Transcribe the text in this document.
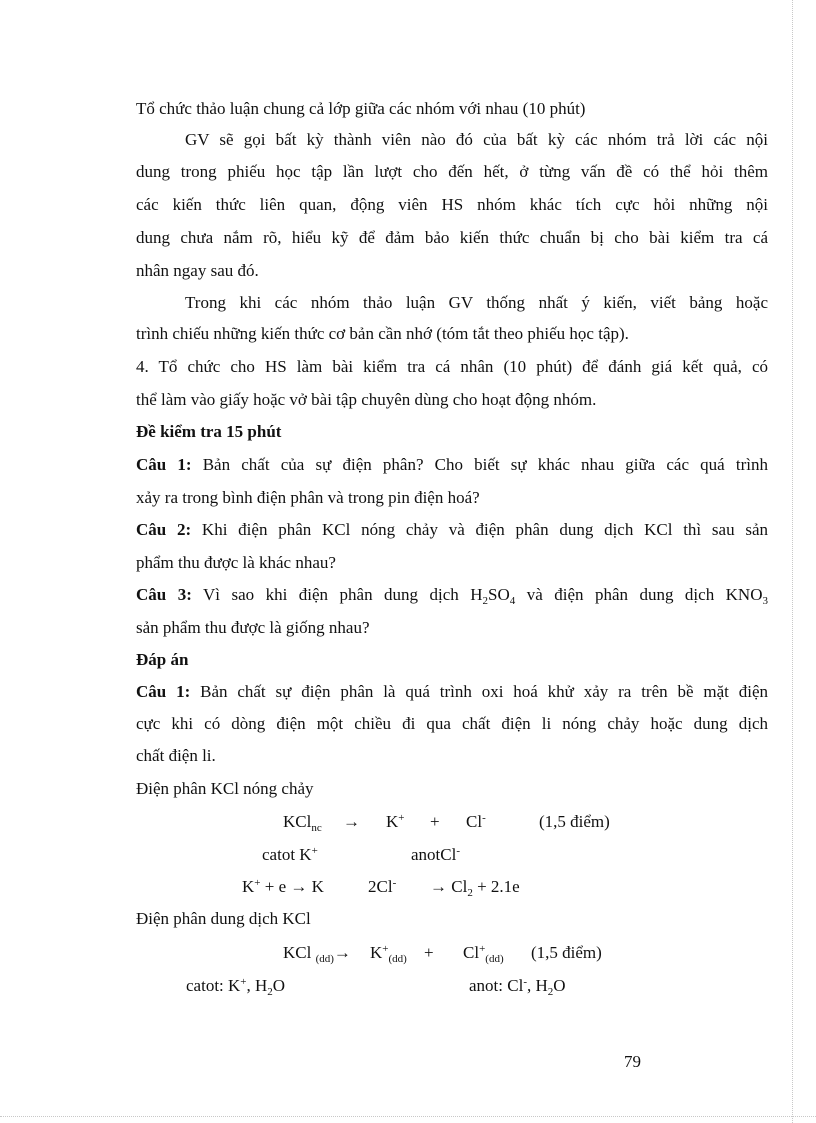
Tổ chức thảo luận chung cả lớp giữa các nhóm với nhau (10 phút)
GV sẽ gọi bất kỳ thành viên nào đó của bất kỳ các nhóm trả lời các nội
dung trong phiếu học tập lần lượt cho đến hết, ở từng vấn đề có thể hỏi thêm
các kiến thức liên quan, động viên HS nhóm khác tích cực hỏi những nội
dung chưa nắm rõ, hiểu kỹ để đảm bảo kiến thức chuẩn bị cho bài kiểm tra cá
nhân ngay sau đó.
Trong khi các nhóm thảo luận GV thống nhất ý kiến, viết bảng hoặc
trình chiếu những kiến thức cơ bản cần nhớ (tóm tắt theo phiếu học tập).
4. Tổ chức cho HS làm bài kiểm tra cá nhân (10 phút) để đánh giá kết quả, có
thể làm vào giấy hoặc vở bài tập chuyên dùng cho hoạt động nhóm.
Đề kiểm tra 15 phút
Câu 1: Bản chất của sự điện phân? Cho biết sự khác nhau giữa các quá trình
xảy ra trong bình điện phân và trong pin điện hoá?
Câu 2: Khi điện phân KCl nóng chảy và điện phân dung dịch KCl thì sau sản
phẩm thu được là khác nhau?
Câu 3: Vì sao khi điện phân dung dịch $H_2SO_4$ và điện phân dung dịch $KNO_3$
sản phẩm thu được là giống nhau?
Đáp án
Câu 1: Bản chất sự điện phân là quá trình oxi hoá khử xảy ra trên bề mặt điện
cực khi có dòng điện một chiều đi qua chất điện li nóng chảy hoặc dung dịch
chất điện li.
Điện phân KCl nóng chảy
KCl$_{nc}$ → K+ + Cl-	(1,5 điểm)
catot K+	anotCl-
K+ + e → K	$2Cl^- \to Cl_2 + 2.1e$
Điện phân dung dịch KCl
KCl $_{(dd)}\to K^+_{(dd)} + Cl^+_{(dd)}$ (1,5 điểm)
catot: K+, $H_2O$	anot: Cl-, $H_2O$
79
